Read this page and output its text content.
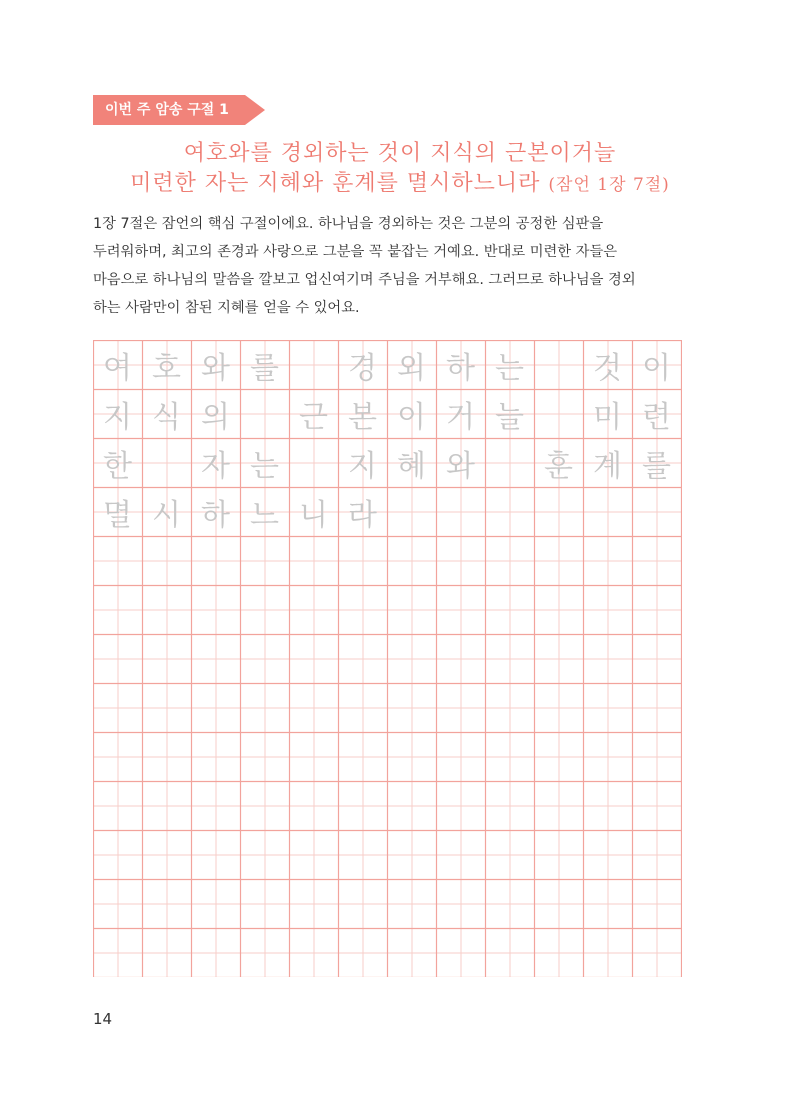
이번 주 암송 구절 1
여호와를 경외하는 것이 지식의 근본이거늘
미련한 자는 지혜와 훈계를 멸시하느니라 (잠언 1장 7절)
1장 7절은 잠언의 핵심 구절이에요. 하나님을 경외하는 것은 그분의 공정한 심판을
두려워하며, 최고의 존경과 사랑으로 그분을 꼭 붙잡는 거예요. 반대로 미련한 자들은
마음으로 하나님의 말씀을 깔보고 업신여기며 주님을 거부해요. 그러므로 하나님을 경외
하는 사람만이 참된 지혜를 얻을 수 있어요.
여 호 와 를	경 외 하 는	것 이
지 식 의	근 본 이 거 늘	미 련
한	자 는	지 혜 와	훈 계 를
멸 시 하 느 니 라
14
